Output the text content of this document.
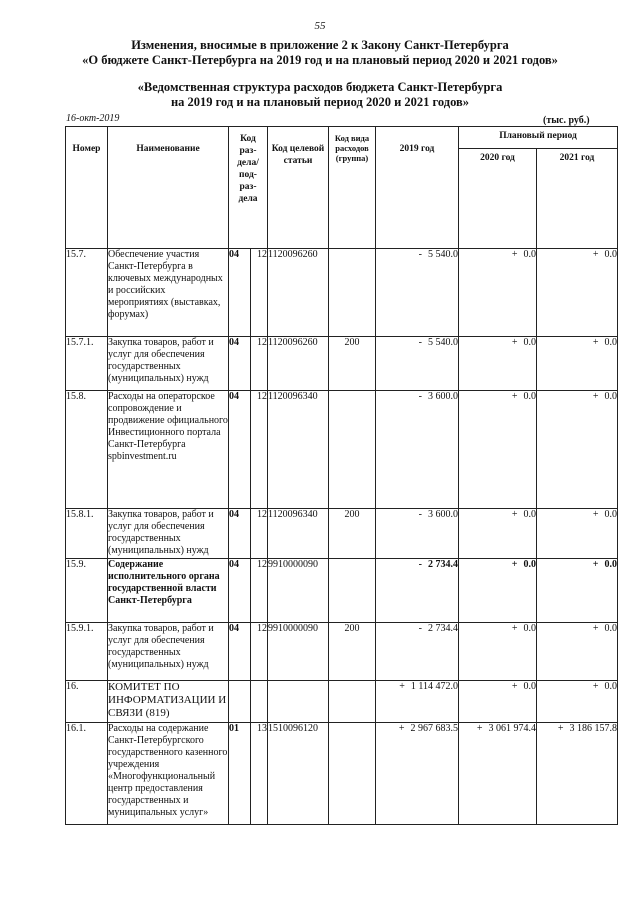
55
Изменения, вносимые в приложение 2 к Закону Санкт-Петербурга
«О бюджете Санкт-Петербурга на 2019 год и на плановый период 2020 и 2021 годов»
«Ведомственная структура расходов бюджета Санкт-Петербурга
на 2019 год и на плановый период 2020 и 2021 годов»
16-окт-2019	(тыс. руб.)
Номер	Наименование	Код раз-дела/ под-раз-дела		Код целевой статьи	Код вида расходов (группа)	2019 год	Плановый период	
							2020 год	2021 год
15.7.	Обеспечение участия Санкт-Петербурга в ключевых международных и российских мероприятиях (выставках, форумах)	04	12	1120096260		- 5 540.0	+ 0.0	+ 0.0
15.7.1.	Закупка товаров, работ и услуг для обеспечения государственных (муниципальных) нужд	04	12	1120096260	200	- 5 540.0	+ 0.0	+ 0.0
15.8.	Расходы на операторское сопровождение и продвижение официального Инвестиционного портала Санкт-Петербурга spbinvestment.ru	04	12	1120096340		- 3 600.0	+ 0.0	+ 0.0
15.8.1.	Закупка товаров, работ и услуг для обеспечения государственных (муниципальных) нужд	04	12	1120096340	200	- 3 600.0	+ 0.0	+ 0.0
15.9.	Содержание исполнительного органа государственной власти Санкт-Петербурга	04	12	9910000090		- 2 734.4	+ 0.0	+ 0.0
15.9.1.	Закупка товаров, работ и услуг для обеспечения государственных (муниципальных) нужд	04	12	9910000090	200	- 2 734.4	+ 0.0	+ 0.0
16.	КОМИТЕТ ПО ИНФОРМАТИЗАЦИИ И СВЯЗИ (819)					+ 1 114 472.0	+ 0.0	+ 0.0
16.1.	Расходы на содержание Санкт-Петербургского государственного казенного учреждения «Многофункциональный центр предоставления государственных и муниципальных услуг»	01	13	1510096120		+ 2 967 683.5	+ 3 061 974.4	+ 3 186 157.8
